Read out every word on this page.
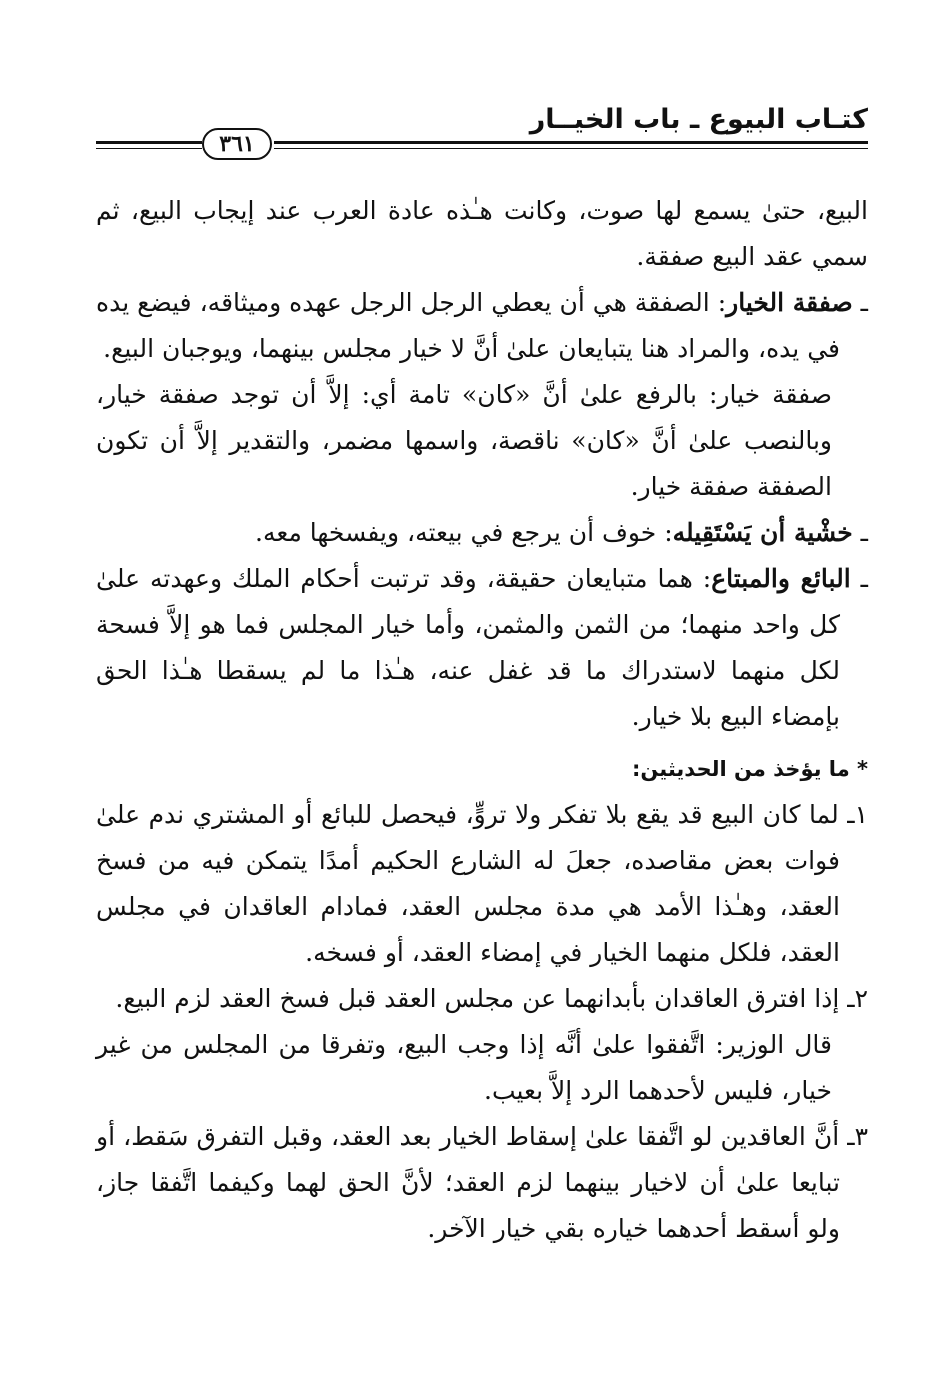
كتـاب البيوع ـ باب الخيــار
٣٦١

البيع، حتىٰ يسمع لها صوت، وكانت هـٰذه عادة العرب عند إيجاب البيع، ثم سمي عقد البيع صفقة.

ـ صفقة الخيار: الصفقة هي أن يعطي الرجل الرجل عهده وميثاقه، فيضع يده في يده، والمراد هنا يتبايعان علىٰ أنَّ لا خيار مجلس بينهما، ويوجبان البيع.

صفقة خيار: بالرفع علىٰ أنَّ «كان» تامة أي: إلاَّ أن توجد صفقة خيار، وبالنصب علىٰ أنَّ «كان» ناقصة، واسمها مضمر، والتقدير إلاَّ أن تكون الصفقة صفقة خيار.

ـ خشْية أن يَسْتَقِيله: خوف أن يرجع في بيعته، ويفسخها معه.

ـ البائع والمبتاع: هما متبايعان حقيقة، وقد ترتبت أحكام الملك وعهدته علىٰ كل واحد منهما؛ من الثمن والمثمن، وأما خيار المجلس فما هو إلاَّ فسحة لكل منهما لاستدراك ما قد غفل عنه، هـٰذا ما لم يسقطا هـٰذا الحق بإمضاء البيع بلا خيار.

* ما يؤخذ من الحديثين:

١ـ لما كان البيع قد يقع بلا تفكر ولا تروٍّ، فيحصل للبائع أو المشتري ندم علىٰ فوات بعض مقاصده، جعلَ له الشارع الحكيم أمدًا يتمكن فيه من فسخ العقد، وهـٰذا الأمد هي مدة مجلس العقد، فمادام العاقدان في مجلس العقد، فلكل منهما الخيار في إمضاء العقد، أو فسخه.

٢ـ إذا افترق العاقدان بأبدانهما عن مجلس العقد قبل فسخ العقد لزم البيع.

قال الوزير: اتَّفقوا علىٰ أنَّه إذا وجب البيع، وتفرقا من المجلس من غير خيار، فليس لأحدهما الرد إلاَّ بعيب.

٣ـ أنَّ العاقدين لو اتَّفقا علىٰ إسقاط الخيار بعد العقد، وقبل التفرق سَقط، أو تبايعا علىٰ أن لاخيار بينهما لزم العقد؛ لأنَّ الحق لهما وكيفما اتَّفقا جاز، ولو أسقط أحدهما خياره بقي خيار الآخر.
